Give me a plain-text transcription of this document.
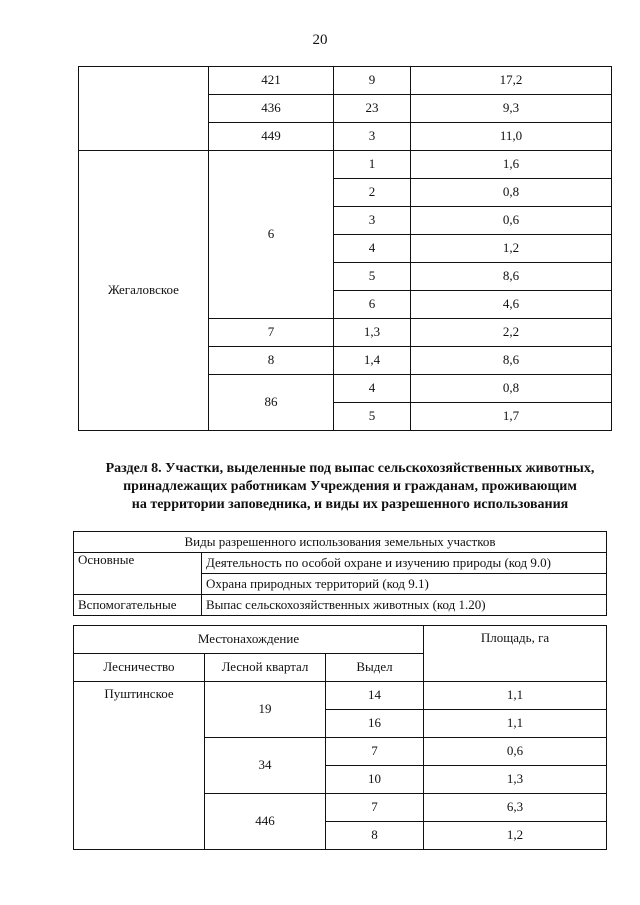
20
	421	9	17,2
	436	23	9,3
	449	3	11,0
Жегаловское	6	1	1,6
		2	0,8
		3	0,6
		4	1,2
		5	8,6
		6	4,6
	7	1,3	2,2
	8	1,4	8,6
	86	4	0,8
		5	1,7
Раздел 8. Участки, выделенные под выпас сельскохозяйственных животных,
принадлежащих работникам Учреждения и гражданам, проживающим
на территории заповедника, и виды их разрешенного использования
Виды разрешенного использования земельных участков	
Основные	Деятельность по особой охране и изучению природы (код 9.0)
	Охрана природных территорий (код 9.1)
Вспомогательные	Выпас сельскохозяйственных животных (код 1.20)
Местонахождение			Площадь, га
Лесничество	Лесной квартал	Выдел	
Пуштинское	19	14	1,1
		16	1,1
	34	7	0,6
		10	1,3
	446	7	6,3
		8	1,2
